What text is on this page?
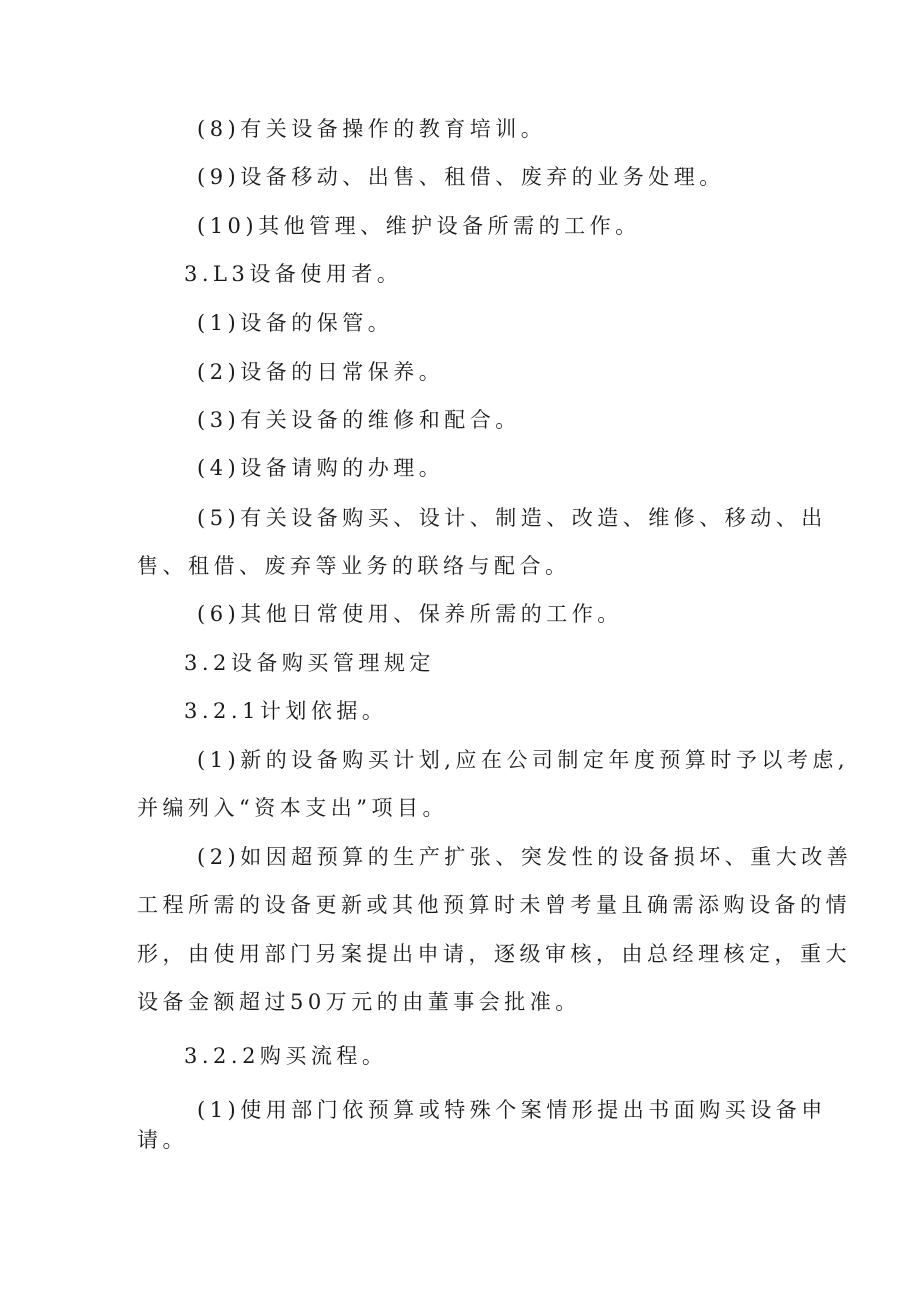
(8)有关设备操作的教育培训。
(9)设备移动、出售、租借、废弃的业务处理。
(10)其他管理、维护设备所需的工作。
3.L3设备使用者。
(1)设备的保管。
(2)设备的日常保养。
(3)有关设备的维修和配合。
(4)设备请购的办理。
(5)有关设备购买、设计、制造、改造、维修、移动、出
售、租借、废弃等业务的联络与配合。
(6)其他日常使用、保养所需的工作。
3.2设备购买管理规定
3.2.1计划依据。
(1)新的设备购买计划,应在公司制定年度预算时予以考虑,
并编列入“资本支出”项目。
(2)如因超预算的生产扩张、突发性的设备损坏、重大改善
工程所需的设备更新或其他预算时未曾考量且确需添购设备的情
形，由使用部门另案提出申请，逐级审核，由总经理核定，重大
设备金额超过50万元的由董事会批准。
3.2.2购买流程。
(1)使用部门依预算或特殊个案情形提出书面购买设备申
请。
